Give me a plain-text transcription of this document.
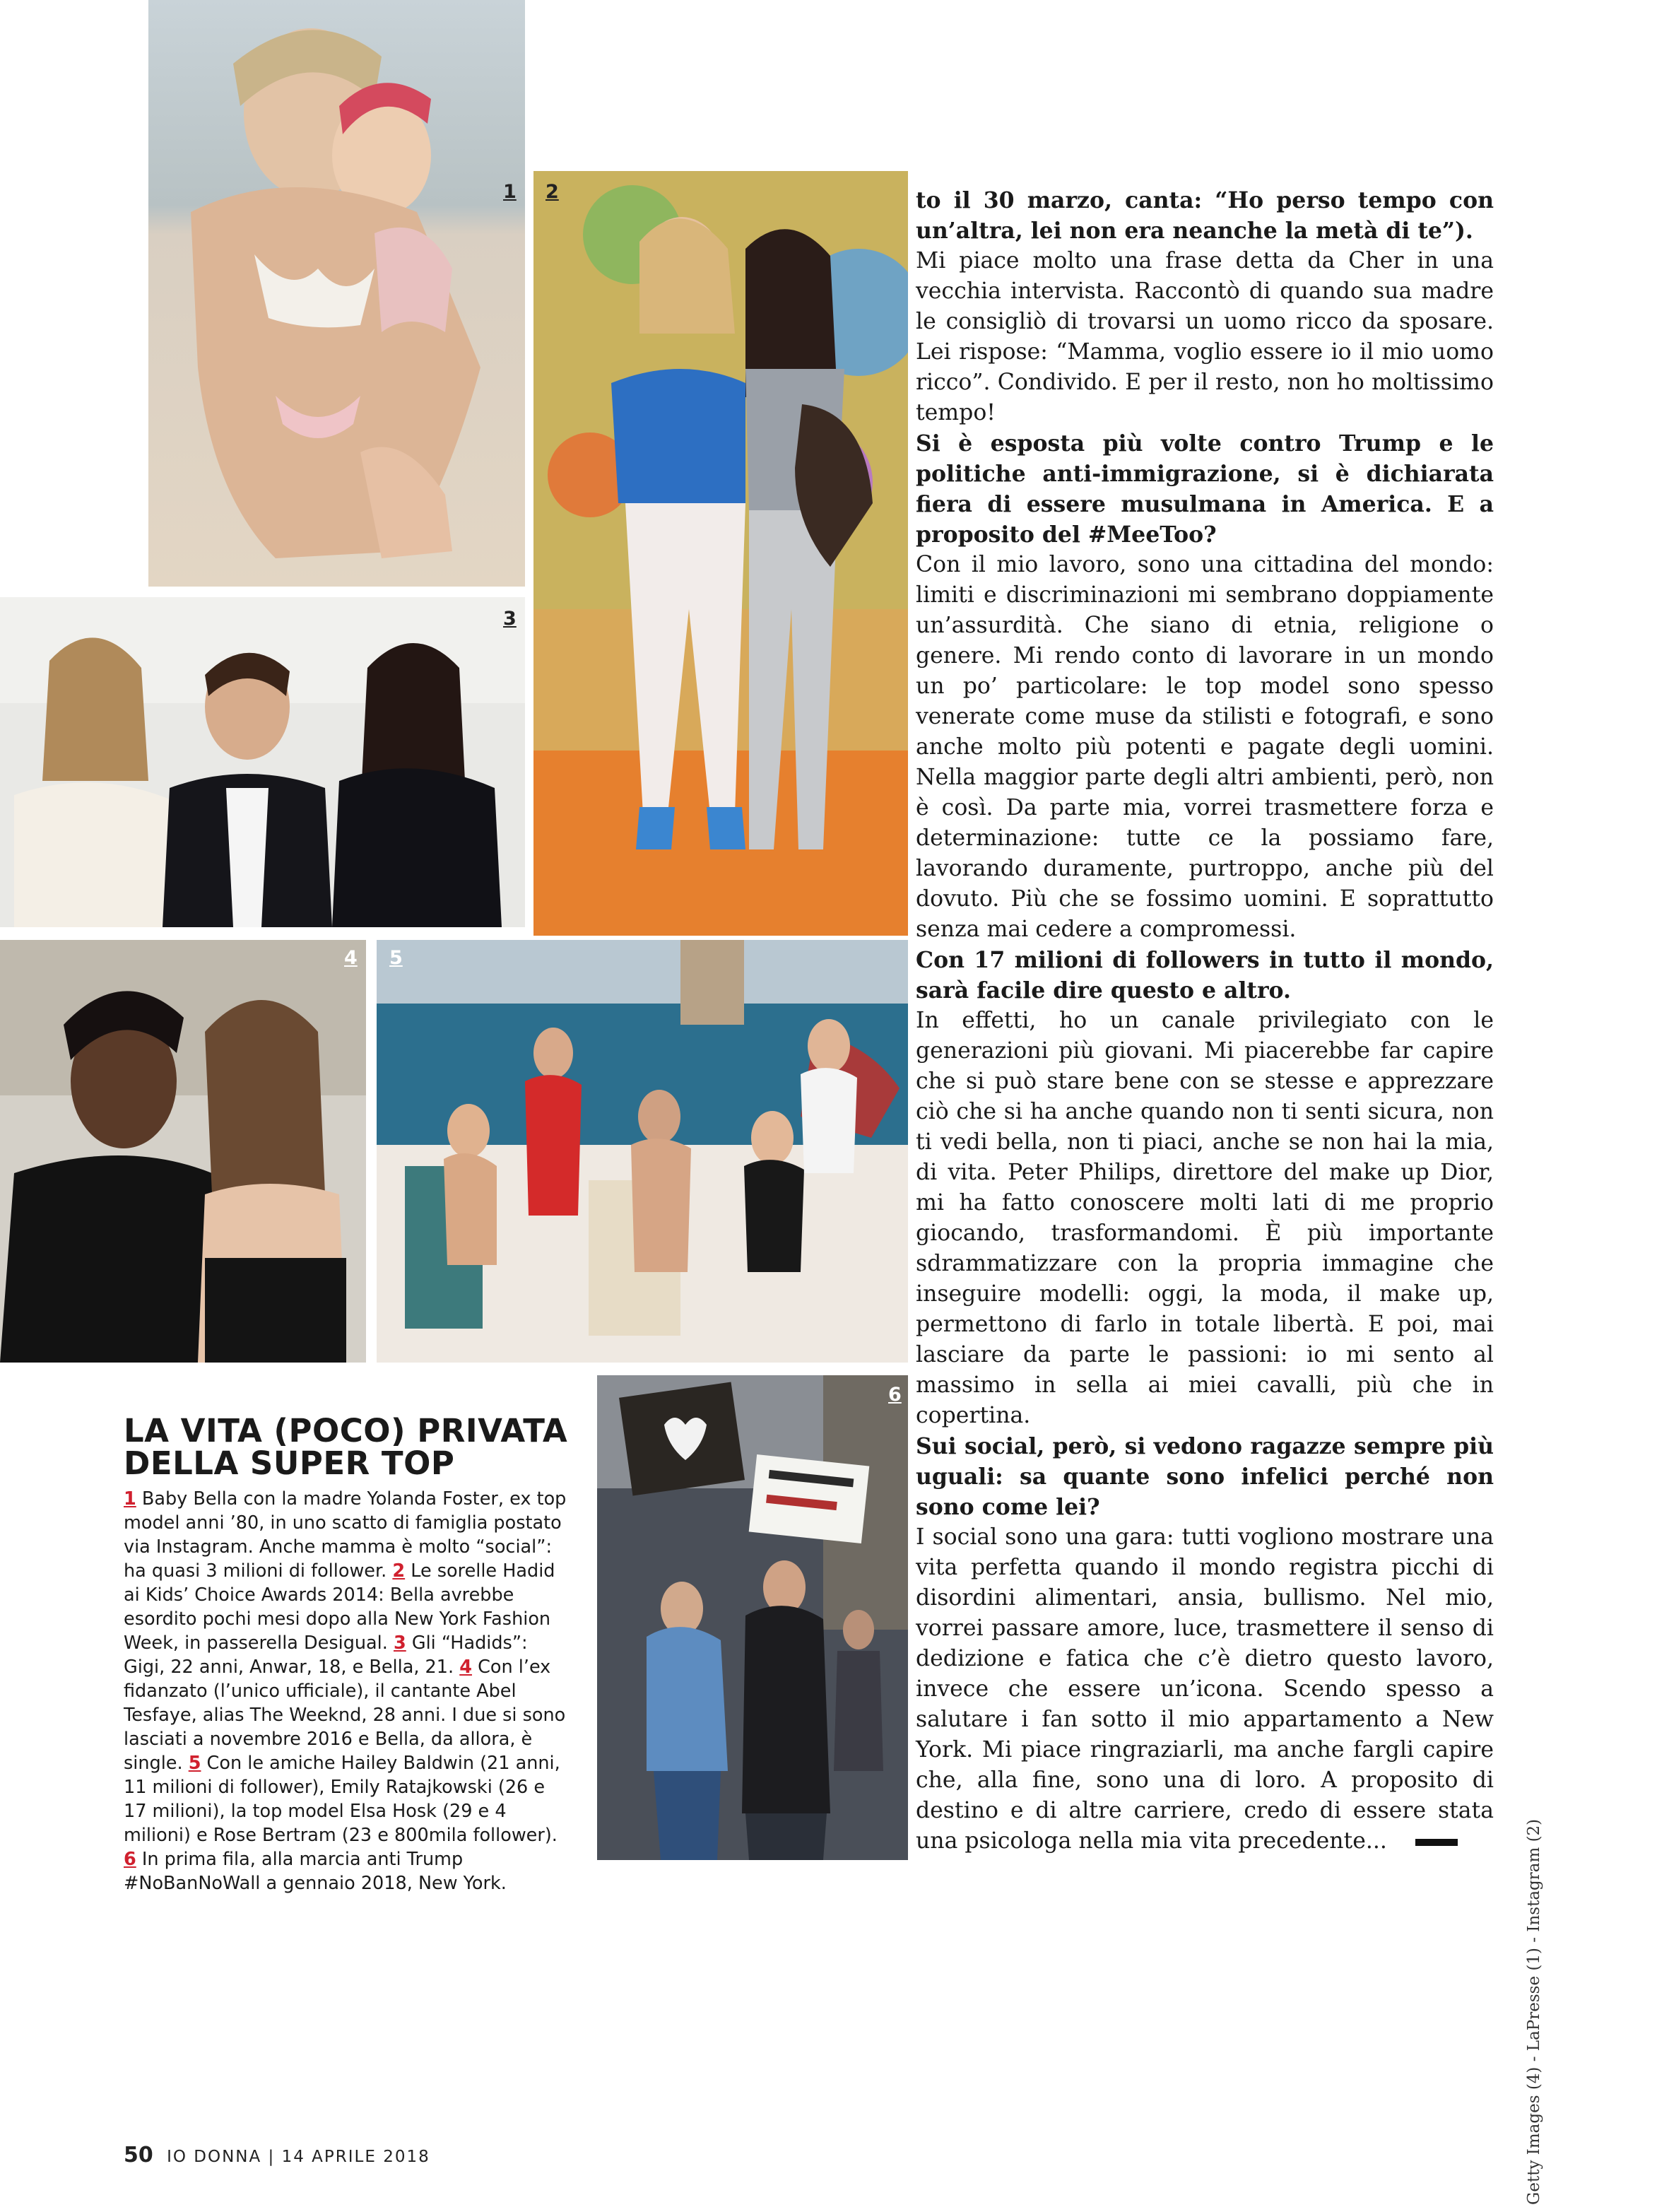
1 2
3
4 5
6

to il 30 marzo, canta: “Ho perso tempo con un’altra, lei non era neanche la metà di te”).

Mi piace molto una frase detta da Cher in una vecchia intervista. Raccontò di quando sua madre le consigliò di trovarsi un uomo ricco da sposare. Lei rispose: “Mamma, voglio essere io il mio uomo ricco”. Condivido. E per il resto, non ho moltissimo tempo!

Si è esposta più volte contro Trump e le politiche anti-immigrazione, si è dichiarata fiera di essere musulmana in America. E a proposito del #MeeToo?

Con il mio lavoro, sono una cittadina del mondo: limiti e discriminazioni mi sembrano doppiamente un’assurdità. Che siano di etnia, religione o genere. Mi rendo conto di lavorare in un mondo un po’ particolare: le top model sono spesso venerate come muse da stilisti e fotografi, e sono anche molto più potenti e pagate degli uomini. Nella maggior parte degli altri ambienti, però, non è così. Da parte mia, vorrei trasmettere forza e determinazione: tutte ce la possiamo fare, lavorando duramente, purtroppo, anche più del dovuto. Più che se fossimo uomini. E soprattutto senza mai cedere a compromessi.

Con 17 milioni di followers in tutto il mondo, sarà facile dire questo e altro.

In effetti, ho un canale privilegiato con le generazioni più giovani. Mi piacerebbe far capire che si può stare bene con se stesse e apprezzare ciò che si ha anche quando non ti senti sicura, non ti vedi bella, non ti piaci, anche se non hai la mia, di vita. Peter Philips, direttore del make up Dior, mi ha fatto conoscere molti lati di me proprio giocando, trasformandomi. È più importante sdrammatizzare con la propria immagine che inseguire modelli: oggi, la moda, il make up, permettono di farlo in totale libertà. E poi, mai lasciare da parte le passioni: io mi sento al massimo in sella ai miei cavalli, più che in copertina.

Sui social, però, si vedono ragazze sempre più uguali: sa quante sono infelici perché non sono come lei?

I social sono una gara: tutti vogliono mostrare una vita perfetta quando il mondo registra picchi di disordini alimentari, ansia, bullismo. Nel mio, vorrei passare amore, luce, trasmettere il senso di dedizione e fatica che c’è dietro questo lavoro, invece che essere un’icona. Scendo spesso a salutare i fan sotto il mio appartamento a New York. Mi piace ringraziarli, ma anche fargli capire che, alla fine, sono una di loro. A proposito di destino e di altre carriere, credo di essere stata una psicologa nella mia vita precedente...

LA VITA (POCO) PRIVATA
DELLA SUPER TOP
1 Baby Bella con la madre Yolanda Foster, ex top model anni ’80, in uno scatto di famiglia postato via Instagram. Anche mamma è molto “social”: ha quasi 3 milioni di follower. 2 Le sorelle Hadid ai Kids’ Choice Awards 2014: Bella avrebbe esordito pochi mesi dopo alla New York Fashion Week, in passerella Desigual. 3 Gli “Hadids”: Gigi, 22 anni, Anwar, 18, e Bella, 21. 4 Con l’ex fidanzato (l’unico ufficiale), il cantante Abel Tesfaye, alias The Weeknd, 28 anni. I due si sono lasciati a novembre 2016 e Bella, da allora, è single. 5 Con le amiche Hailey Baldwin (21 anni, 11 milioni di follower), Emily Ratajkowski (26 e 17 milioni), la top model Elsa Hosk (29 e 4 milioni) e Rose Bertram (23 e 800mila follower). 6 In prima fila, alla marcia anti Trump #NoBanNoWall a gennaio 2018, New York.	Getty Images (4) - LaPresse (1) - Instagram (2)
50 IO DONNA | 14 APRILE 2018
